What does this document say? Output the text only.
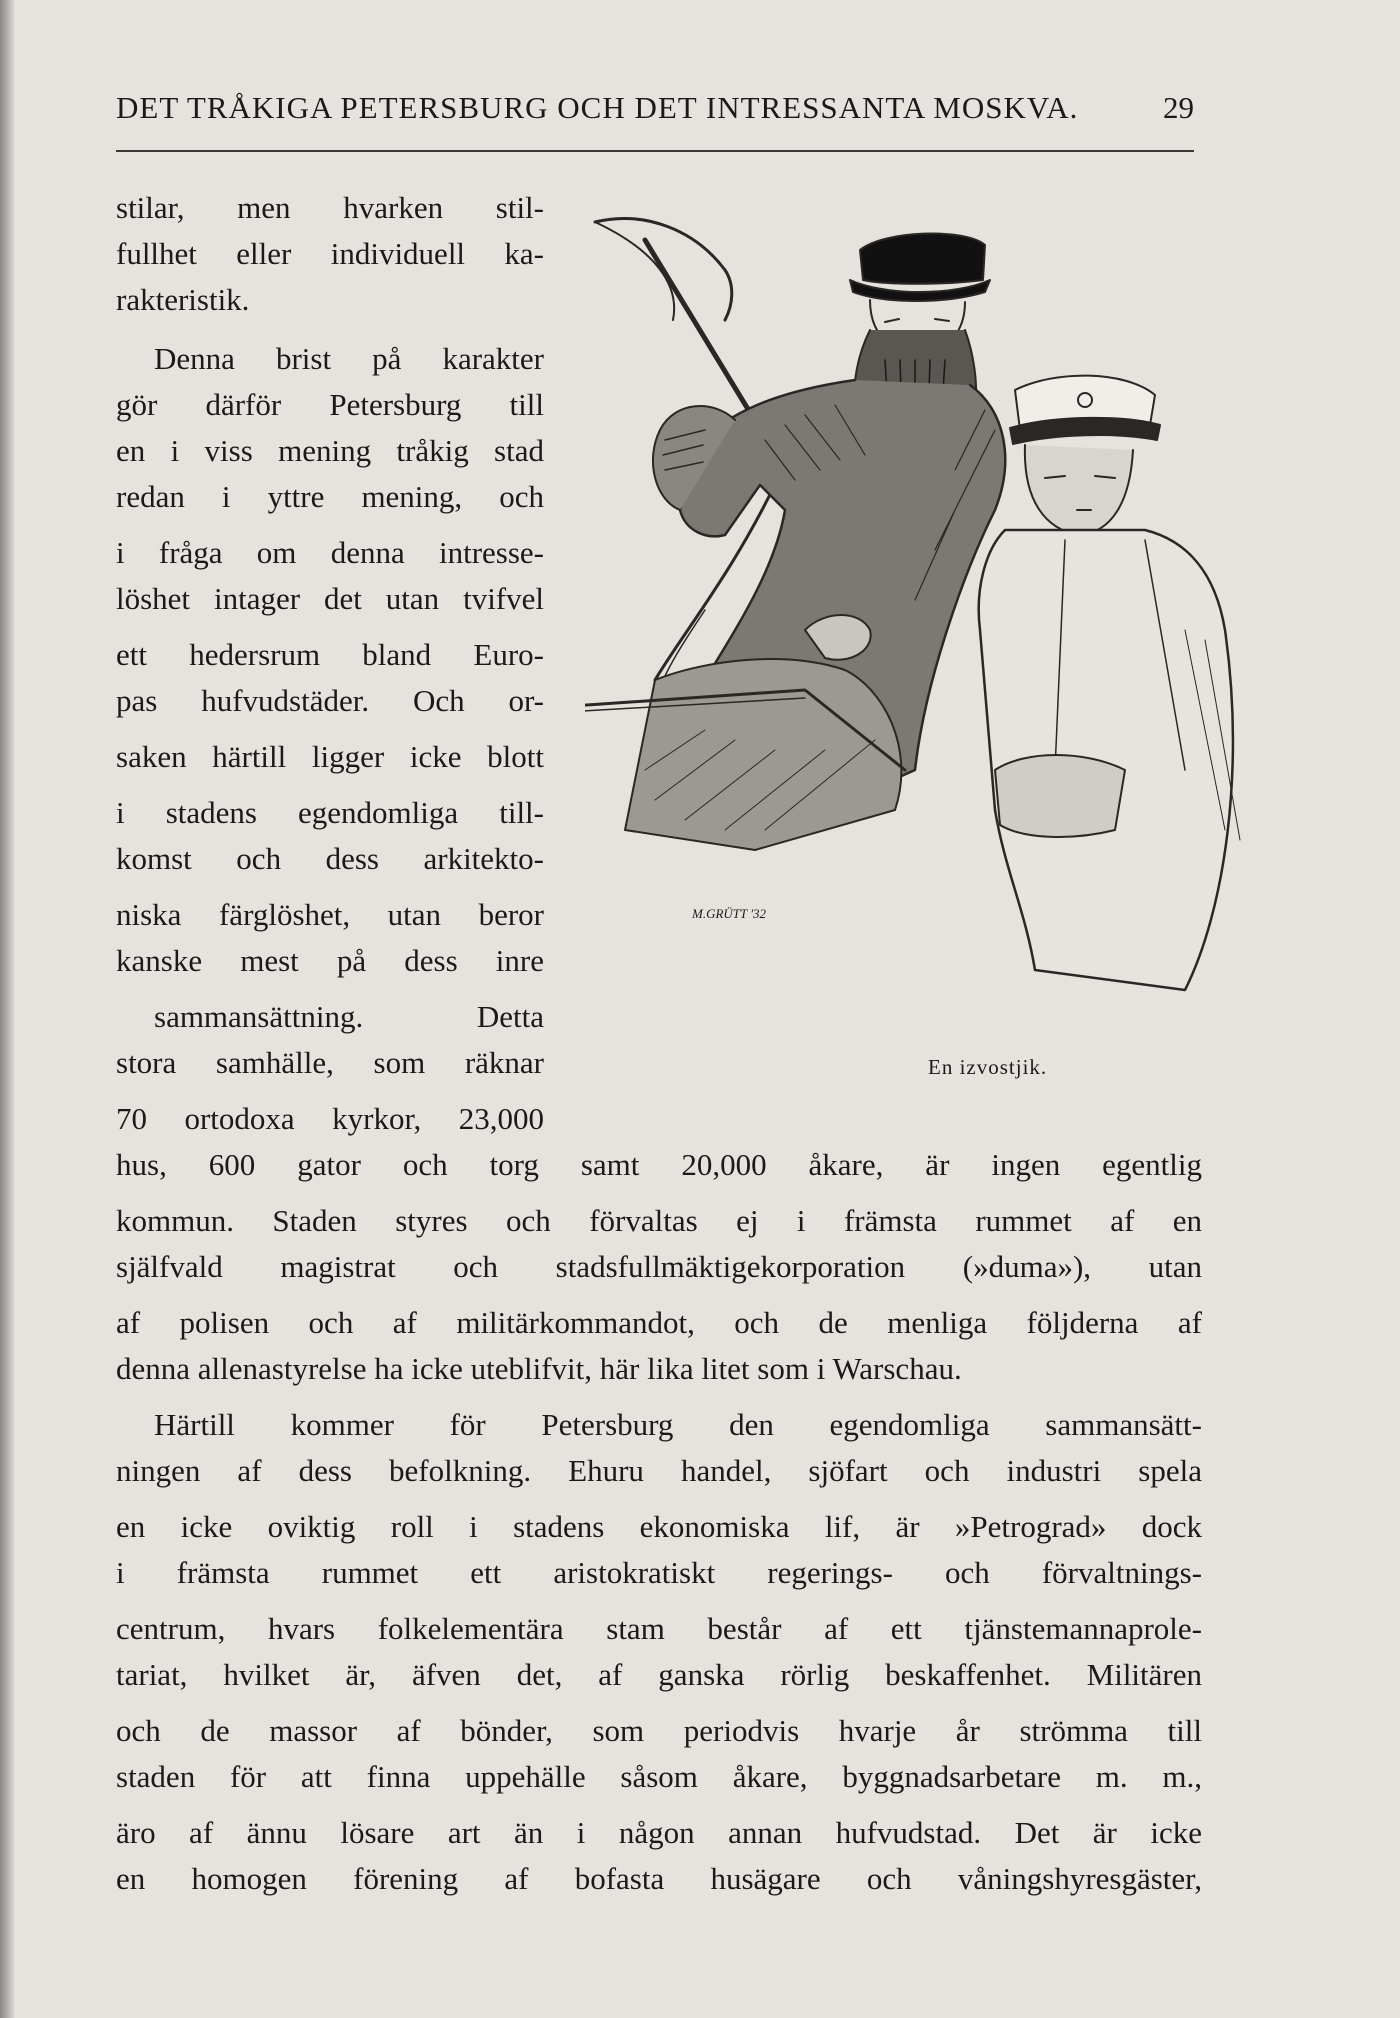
DET TRÅKIGA PETERSBURG OCH DET INTRESSANTA MOSKVA.	29
stilar, men hvarken stil-
fullhet eller individuell ka-
rakteristik.
Denna brist på karakter
gör därför Petersburg till
en i viss mening tråkig stad
redan i yttre mening, och
i fråga om denna intresse-
löshet intager det utan tvifvel
ett hedersrum bland Euro-
pas hufvudstäder. Och or-
saken härtill ligger icke blott
i stadens egendomliga till-
komst och dess arkitekto-
niska färglöshet, utan beror
kanske mest på dess inre
sammansättning. Detta
stora samhälle, som räknar
70 ortodoxa kyrkor, 23,000
hus, 600 gator och torg samt 20,000 åkare, är ingen egentlig
kommun. Staden styres och förvaltas ej i främsta rummet af en
själfvald magistrat och stadsfullmäktigekorporation (»duma»), utan
af polisen och af militärkommandot, och de menliga följderna af
denna allenastyrelse ha icke uteblifvit, här lika litet som i Warschau.
Härtill kommer för Petersburg den egendomliga sammansätt-
ningen af dess befolkning. Ehuru handel, sjöfart och industri spela
en icke oviktig roll i stadens ekonomiska lif, är »Petrograd» dock
i främsta rummet ett aristokratiskt regerings- och förvaltnings-
centrum, hvars folkelementära stam består af ett tjänstemannaprole-
tariat, hvilket är, äfven det, af ganska rörlig beskaffenhet. Militären
och de massor af bönder, som periodvis hvarje år strömma till
staden för att finna uppehälle såsom åkare, byggnadsarbetare m. m.,
äro af ännu lösare art än i någon annan hufvudstad. Det är icke
en homogen förening af bofasta husägare och våningshyresgäster,
M.GRÜTT '32
En izvostjik.
